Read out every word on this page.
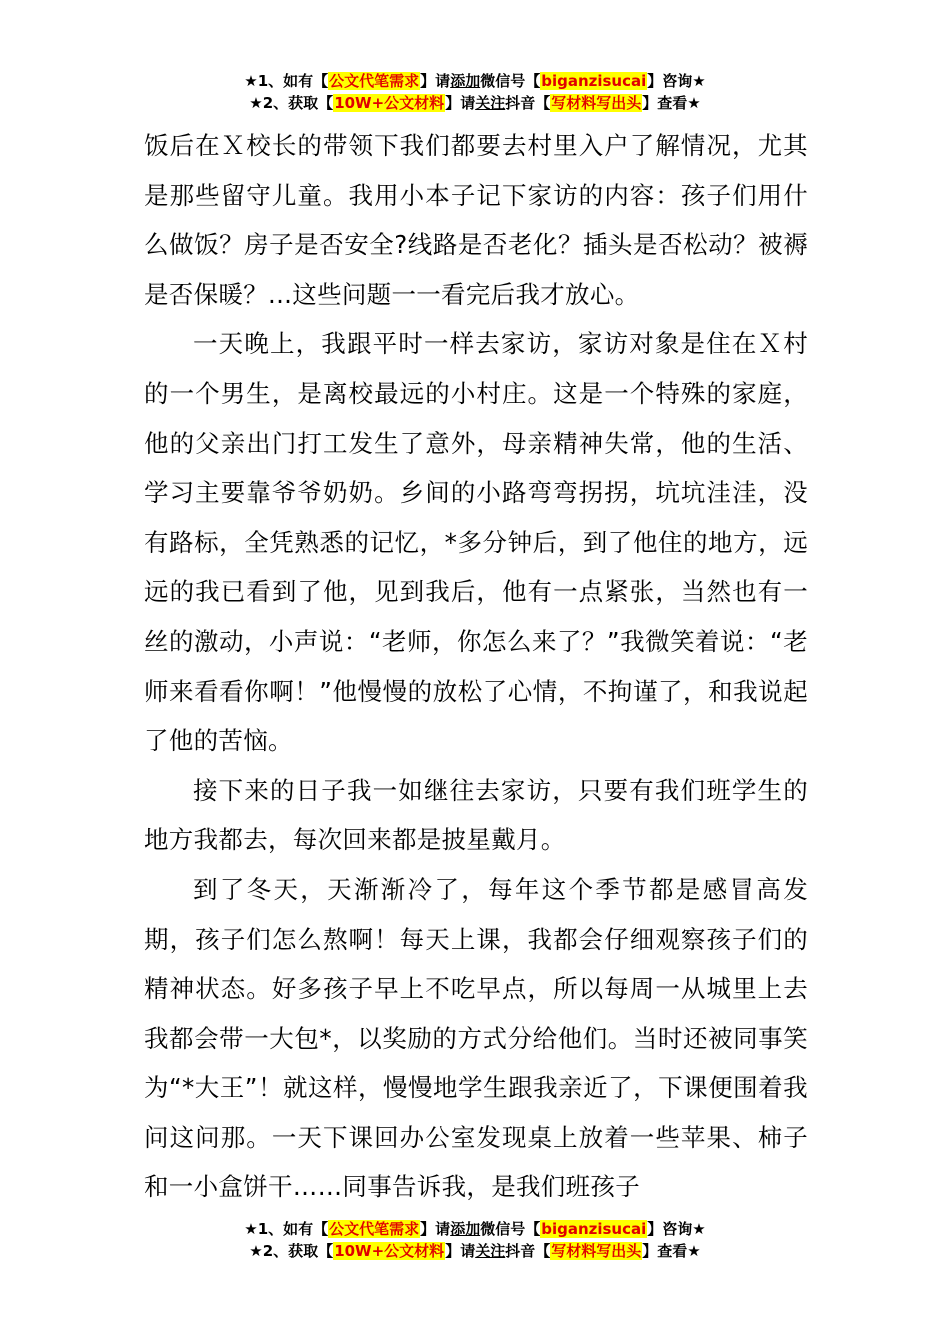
★1、如有【公文代笔需求】请添加微信号【biganzisucai】咨询★
★2、获取【10W+公文材料】请关注抖音【写材料写出头】查看★

饭后在Ｘ校长的带领下我们都要去村里入户了解情况，尤其是那些留守儿童。我用小本子记下家访的内容：孩子们用什么做饭？房子是否安全?线路是否老化？插头是否松动？被褥是否保暖？...这些问题一一看完后我才放心。

一天晚上，我跟平时一样去家访，家访对象是住在Ｘ村的一个男生，是离校最远的小村庄。这是一个特殊的家庭，他的父亲出门打工发生了意外，母亲精神失常，他的生活、学习主要靠爷爷奶奶。乡间的小路弯弯拐拐，坑坑洼洼，没有路标，全凭熟悉的记忆，*多分钟后，到了他住的地方，远远的我已看到了他，见到我后，他有一点紧张，当然也有一丝的激动，小声说：“老师，你怎么来了？”我微笑着说：“老师来看看你啊！”他慢慢的放松了心情，不拘谨了，和我说起了他的苦恼。

接下来的日子我一如继往去家访，只要有我们班学生的地方我都去，每次回来都是披星戴月。

到了冬天，天渐渐冷了，每年这个季节都是感冒高发期，孩子们怎么熬啊！每天上课，我都会仔细观察孩子们的精神状态。好多孩子早上不吃早点，所以每周一从城里上去我都会带一大包*，以奖励的方式分给他们。当时还被同事笑为“*大王”！就这样，慢慢地学生跟我亲近了，下课便围着我问这问那。一天下课回办公室发现桌上放着一些苹果、柿子和一小盒饼干……同事告诉我，是我们班孩子

★1、如有【公文代笔需求】请添加微信号【biganzisucai】咨询★
★2、获取【10W+公文材料】请关注抖音【写材料写出头】查看★
